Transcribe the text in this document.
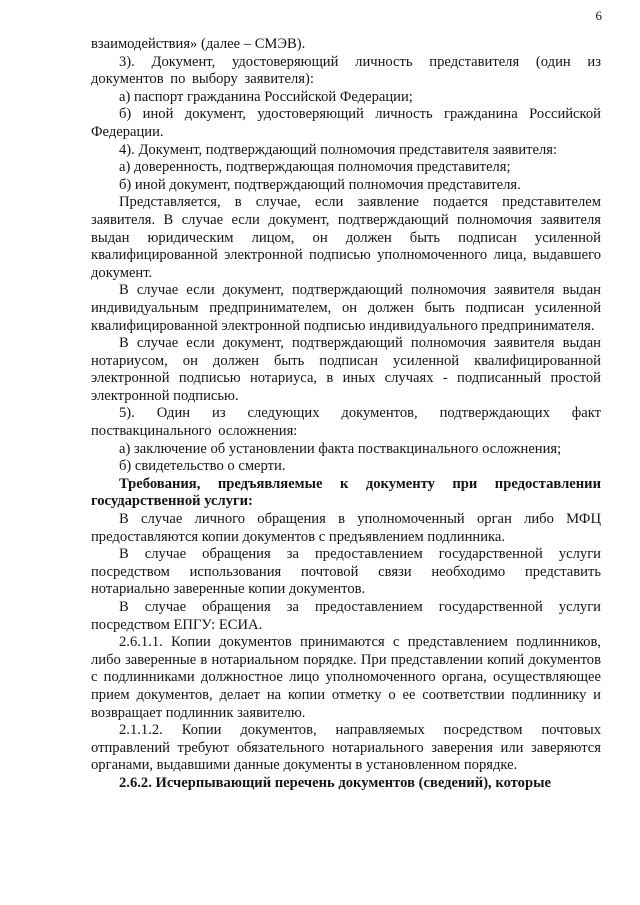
6

взаимодействия» (далее – СМЭВ).

3). Документ, удостоверяющий личность представителя (один из документов по выбору заявителя):

а) паспорт гражданина Российской Федерации;

б) иной документ, удостоверяющий личность гражданина Российской Федерации.

4). Документ, подтверждающий полномочия представителя заявителя:

а) доверенность, подтверждающая полномочия представителя;

б) иной документ, подтверждающий полномочия представителя.

Представляется, в случае, если заявление подается представителем заявителя. В случае если документ, подтверждающий полномочия заявителя выдан юридическим лицом, он должен быть подписан усиленной квалифицированной электронной подписью уполномоченного лица, выдавшего документ.

В случае если документ, подтверждающий полномочия заявителя выдан индивидуальным предпринимателем, он должен быть подписан усиленной квалифицированной электронной подписью индивидуального предпринимателя.

В случае если документ, подтверждающий полномочия заявителя выдан нотариусом, он должен быть подписан усиленной квалифицированной электронной подписью нотариуса, в иных случаях - подписанный простой электронной подписью.

5). Один из следующих документов, подтверждающих факт поствакцинального осложнения:

а) заключение об установлении факта поствакцинального осложнения;

б) свидетельство о смерти.

Требования, предъявляемые к документу при предоставлении государственной услуги:

В случае личного обращения в уполномоченный орган либо МФЦ предоставляются копии документов с предъявлением подлинника.

В случае обращения за предоставлением государственной услуги посредством использования почтовой связи необходимо представить нотариально заверенные копии документов.

В случае обращения за предоставлением государственной услуги посредством ЕПГУ: ЕСИА.

2.6.1.1. Копии документов принимаются с представлением подлинников, либо заверенные в нотариальном порядке. При представлении копий документов с подлинниками должностное лицо уполномоченного органа, осуществляющее прием документов, делает на копии отметку о ее соответствии подлиннику и возвращает подлинник заявителю.

2.1.1.2. Копии документов, направляемых посредством почтовых отправлений требуют обязательного нотариального заверения или заверяются органами, выдавшими данные документы в установленном порядке.

2.6.2. Исчерпывающий перечень документов (сведений), которые
